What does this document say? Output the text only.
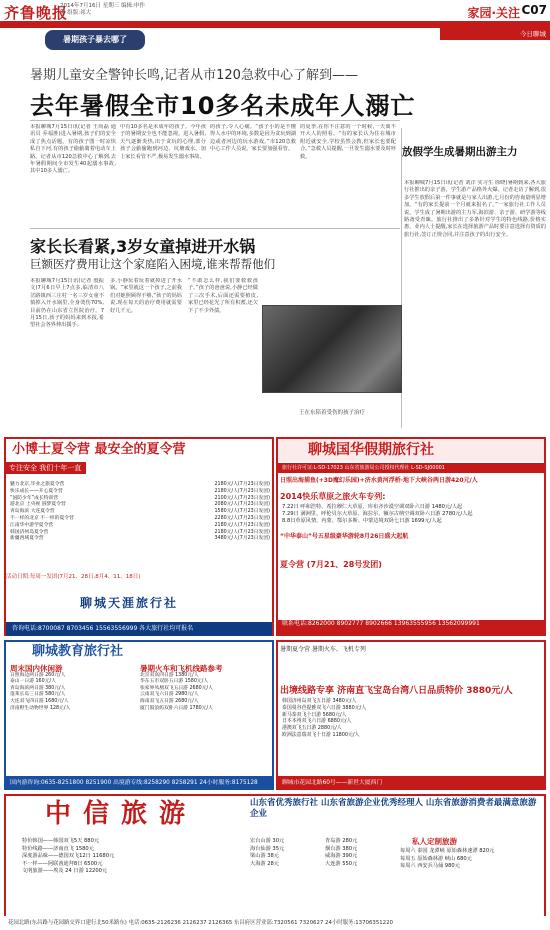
齐鲁晚报
2014年7月16日 星期三 编辑:申作雷 组版:祁大	家园·关注 C07
今日聊城
暑期孩子暴去哪了
暑期儿童安全警钟长鸣,记者从市120急救中心了解到——
去年暑假全市10多名未成年人溺亡
本报聊城7月15日讯(记者 王尚磊 通讯员 乔福胜)进入暑期,孩子们的安全成了焦点话题。有的孩子图一时凉快私自下河,有的孩子偷偷骑着电动车上路。记者从市120急救中心了解到,去年暑假期间全市发生40起溺水事故,其中10多人溺亡。
中有10多名是未成年的孩子。今年孩子的暑期安全也不能忽视。进入暑假,天气逐渐炎热,出于贪玩的心理,部分孩子会偷偷跑到河边、坑塘戏水。加上家长看管不严,极易发生溺水事故。
的孩子,令人心痛。“孩子小的是不懂得人水中的环境,多数是因为贪玩到湖边或者河边的玩水游戏。”市120急救中心工作人员说。家长要加强看管。
的夏季,在你不注意的一个时候,一天离不开大人的照看。“有的家长认为住在城市附近就安全,学校虽然会教,但家长也要配合。”急救人员提醒,一旦发生溺水要及时呼救。	放假学生成暑期出游主力
本报聊城7月15日讯(记者 刘洋 实习生 徐晓)暑期到来,各大旅行社推出的亲子游、学生游产品格外火爆。记者走访了解到,很多学生放假后第一件事就是与家人出游,七月份的咨询量明显增加。“有的家长提前一个月就来报名了。”一家旅行社工作人员说。学生成了暑期出游的主力军,海滨游、亲子游、研学游等线路备受青睐。旅行社推出了多条针对学生的特色线路,价格实惠。业内人士提醒,家长在选择旅游产品时要注意选择有资质的旅行社,签订正规合同,并注意孩子的出行安全。
家长长看紧,3岁女童掉进开水锅
巨额医疗费用让这个家庭陷入困境,谁来帮帮他们
本报聊城7月15日讯(记者 殷振文)7月6日早上7点多,临清市八岔路镇西三庄村一名三岁女童不慎掉入开水锅里,全身烫伤70%,目前仍在山东省立医院治疗。7月15日,孩子的妈妈来到本报,希望社会各界伸出援手。
多,小静玩着玩着就掉进了开水锅。“家里就这一个孩子,之前我们对她照顾得不够,”孩子的妈妈说,现在每天的治疗费用就需要好几千元。
“不敢怎么样,我们要救救孩子。”孩子的爸爸说,小静已经做了三次手术,后面还需要植皮,家里已经花光了所有积蓄,还欠下了不少外债。
王在东陪着受伤的孩子治疗
小博士夏令营 最安全的夏令营
专注安全 我们十年一直
魅力北京,毕业之旅夏令营	2180元/人(7月23日发团)
快乐成长——开心夏令营	2180元/人(7月23日发团)
“国防少年”成长特训营	2100元/人(7月23日发团)
游北京 上央视 圆梦夏令营	2080元/人(7月23日发团)
青岛海滨 大连夏令营	1580元/人(7月23日发团)
不一样的北京 不一样的夏令营	2280元/人(7月23日发团)
江南华中游学夏令营	2180元/人(7月23日发团)
韩国济州岛夏令营	2180元/人(7月23日发团)
新疆西域夏令营	3480元/人(7月23日发团)
活动日期:每周一发团(7月21、28日,8月4、11、18日)
聊城天涯旅行社
咨询电话:8700087 8703456 15563556999 各大旅行社均可报名
聊城国华假期旅行社
旅行社许可证:L-SD-17023 山东省旅游局公司授权代理社 L-SD-SJ00001
日照出海捕鱼(+3D魔幻乐园)+济水黄河浮桥·地下大峡谷两日游420元/人
2014快乐草原之旅火车专列:
7.22日 呼和浩特、希拉穆仁大草原、库布齐沙漠空调双卧六日游 1480元/人起
7.29日 满洲里、呼伦贝尔大草原、海拉尔、额尔古纳空调双卧六日游 2780元/人起
8.8日草原风情、内蒙、鄂尔多斯、中蒙边境双卧七日游 1699元/人起
“中华泰山”号五星级豪华游轮8月26日盛大起航
夏令营 (7月21、28号发团)
联系电话:8262000 8902777 8902666 13963555956 13562099991
聊城教育旅行社
周末国内休闲游
日照海边两日游 260元/人
泰山一日游 160元/人
青岛海滨两日游 380元/人
蓬莱长岛三日游 580元/人
大连双飞四日游 1680元/人
济南野生动物世界 128元/人
暑期火车和飞机线路参考
北京双高四日游 1380元/人
华东五市双卧五日游 1580元/人
张家界凤凰双飞五日游 2680元/人
云南双飞六日游 2980元/人
海南双飞五日游 2680元/人
厦门鼓浪屿双卧六日游 1780元/人
国内游咨询:0635-8251800 8251900 出境游专线:8258290 8258291 24小时服务:8175128
暑期夏令营 暑期火车、飞机专列
出境线路专享 济南直飞宝岛台湾八日品质特价 3880元/人
韩国济州岛双飞五日游 3480元/人
泰国曼谷芭提雅双飞六日游 3880元/人
新马泰双飞十日游 5680元/人
日本本州双飞六日游 6880元/人
港澳双飞五日游 2880元/人
欧洲法意瑞双飞十日游 11800元/人
聊城市花园北路60号——新世大厦西门
中信旅游	山东省优秀旅行社 山东省旅游企业优秀经理人 山东省旅游消费者最满意旅游企业
特价韩国——韩国双飞5天 880元
特价线路——济南直飞 1580元
深度游品味——德国双飞12日 11680元
不一样——阿联酋迪拜8日 6500元
文明旅游——埃及 24 日游 12200元
宏台山游 30元
海台仙游 35元
梁山游 38元
大海游 28元
青岛游 280元
烟台游 380元
威海游 390元
大连游 550元
私人定制旅游
每周六 泰国 龙潭峡 原始森林速漂 820元
每周五 原始森林游 峡山 680元
每周六 西安兵马俑 980元
花园北路(东昌路与花园路交界口建行北50米路东) 电话:0635-2126236 2126237 2126365 东昌府区营业部:7320561 7320627 24小时服务:13706351220
